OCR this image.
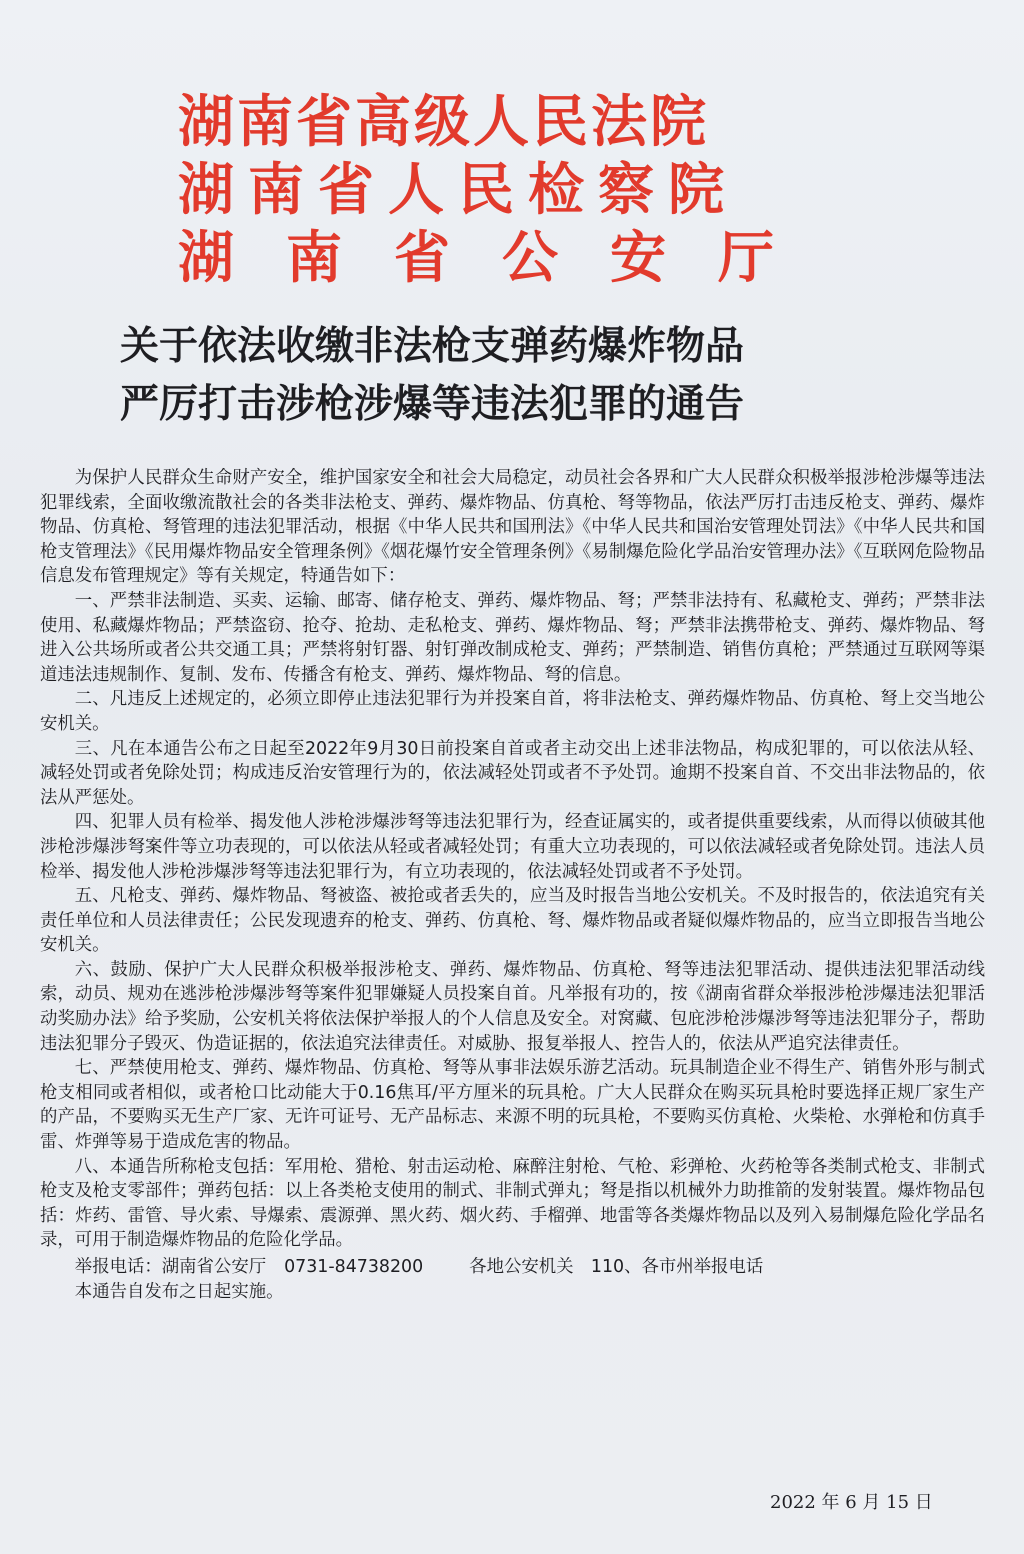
湖南省高级人民法院
湖南省人民检察院
湖南省公安厅
关于依法收缴非法枪支弹药爆炸物品
严厉打击涉枪涉爆等违法犯罪的通告

为保护人民群众生命财产安全，维护国家安全和社会大局稳定，动员社会各界和广大人民群众积极举报涉枪涉爆等违法犯罪线索，全面收缴流散社会的各类非法枪支、弹药、爆炸物品、仿真枪、弩等物品，依法严厉打击违反枪支、弹药、爆炸物品、仿真枪、弩管理的违法犯罪活动，根据《中华人民共和国刑法》《中华人民共和国治安管理处罚法》《中华人民共和国枪支管理法》《民用爆炸物品安全管理条例》《烟花爆竹安全管理条例》《易制爆危险化学品治安管理办法》《互联网危险物品信息发布管理规定》等有关规定，特通告如下：

一、严禁非法制造、买卖、运输、邮寄、储存枪支、弹药、爆炸物品、弩；严禁非法持有、私藏枪支、弹药；严禁非法使用、私藏爆炸物品；严禁盗窃、抢夺、抢劫、走私枪支、弹药、爆炸物品、弩；严禁非法携带枪支、弹药、爆炸物品、弩进入公共场所或者公共交通工具；严禁将射钉器、射钉弹改制成枪支、弹药；严禁制造、销售仿真枪；严禁通过互联网等渠道违法违规制作、复制、发布、传播含有枪支、弹药、爆炸物品、弩的信息。

二、凡违反上述规定的，必须立即停止违法犯罪行为并投案自首，将非法枪支、弹药爆炸物品、仿真枪、弩上交当地公安机关。

三、凡在本通告公布之日起至2022年9月30日前投案自首或者主动交出上述非法物品，构成犯罪的，可以依法从轻、减轻处罚或者免除处罚；构成违反治安管理行为的，依法减轻处罚或者不予处罚。逾期不投案自首、不交出非法物品的，依法从严惩处。

四、犯罪人员有检举、揭发他人涉枪涉爆涉弩等违法犯罪行为，经查证属实的，或者提供重要线索，从而得以侦破其他涉枪涉爆涉弩案件等立功表现的，可以依法从轻或者减轻处罚；有重大立功表现的，可以依法减轻或者免除处罚。违法人员检举、揭发他人涉枪涉爆涉弩等违法犯罪行为，有立功表现的，依法减轻处罚或者不予处罚。

五、凡枪支、弹药、爆炸物品、弩被盗、被抢或者丢失的，应当及时报告当地公安机关。不及时报告的，依法追究有关责任单位和人员法律责任；公民发现遗弃的枪支、弹药、仿真枪、弩、爆炸物品或者疑似爆炸物品的，应当立即报告当地公安机关。

六、鼓励、保护广大人民群众积极举报涉枪支、弹药、爆炸物品、仿真枪、弩等违法犯罪活动、提供违法犯罪活动线索，动员、规劝在逃涉枪涉爆涉弩等案件犯罪嫌疑人员投案自首。凡举报有功的，按《湖南省群众举报涉枪涉爆违法犯罪活动奖励办法》给予奖励，公安机关将依法保护举报人的个人信息及安全。对窝藏、包庇涉枪涉爆涉弩等违法犯罪分子，帮助违法犯罪分子毁灭、伪造证据的，依法追究法律责任。对威胁、报复举报人、控告人的，依法从严追究法律责任。

七、严禁使用枪支、弹药、爆炸物品、仿真枪、弩等从事非法娱乐游艺活动。玩具制造企业不得生产、销售外形与制式枪支相同或者相似，或者枪口比动能大于0.16焦耳/平方厘米的玩具枪。广大人民群众在购买玩具枪时要选择正规厂家生产的产品，不要购买无生产厂家、无许可证号、无产品标志、来源不明的玩具枪，不要购买仿真枪、火柴枪、水弹枪和仿真手雷、炸弹等易于造成危害的物品。

八、本通告所称枪支包括：军用枪、猎枪、射击运动枪、麻醉注射枪、气枪、彩弹枪、火药枪等各类制式枪支、非制式枪支及枪支零部件；弹药包括：以上各类枪支使用的制式、非制式弹丸；弩是指以机械外力助推箭的发射装置。爆炸物品包括：炸药、雷管、导火索、导爆索、震源弹、黑火药、烟火药、手榴弹、地雷等各类爆炸物品以及列入易制爆危险化学品名录，可用于制造爆炸物品的危险化学品。

举报电话：湖南省公安厅 0731-84738200	各地公安机关　110、各市州举报电话

本通告自发布之日起实施。

2022 年 6 月 15 日
